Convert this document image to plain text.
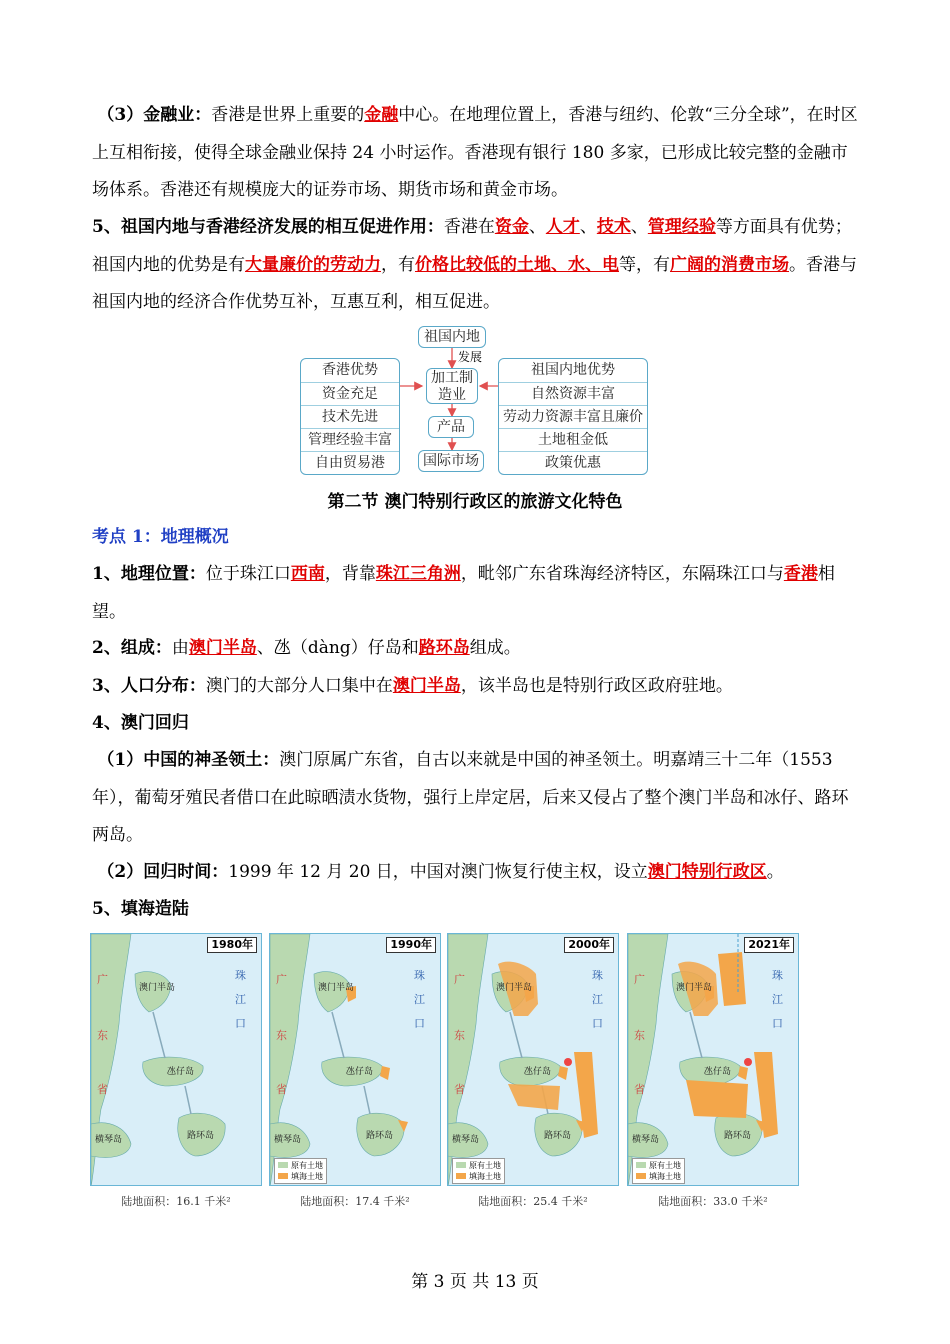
（3）金融业：香港是世界上重要的金融中心。在地理位置上，香港与纽约、伦敦“三分全球”，在时区上互相衔接，使得全球金融业保持 24 小时运作。香港现有银行 180 多家，已形成比较完整的金融市场体系。香港还有规模庞大的证券市场、期货市场和黄金市场。
5、祖国内地与香港经济发展的相互促进作用：香港在资金、人才、技术、管理经验等方面具有优势；祖国内地的优势是有大量廉价的劳动力，有价格比较低的土地、水、电等，有广阔的消费市场。香港与祖国内地的经济合作优势互补，互惠互利，相互促进。
祖国内地
发展
加工制造业
产品
国际市场
香港优势
资金充足
技术先进
管理经验丰富
自由贸易港
祖国内地优势
自然资源丰富
劳动力资源丰富且廉价
土地租金低
政策优惠
第二节 澳门特别行政区的旅游文化特色
考点 1：地理概况
1、地理位置：位于珠江口西南，背靠珠江三角洲，毗邻广东省珠海经济特区，东隔珠江口与香港相望。
2、组成：由澳门半岛、氹（dàng）仔岛和路环岛组成。
3、人口分布：澳门的大部分人口集中在澳门半岛，该半岛也是特别行政区政府驻地。
4、澳门回归
（1）中国的神圣领土：澳门原属广东省，自古以来就是中国的神圣领土。明嘉靖三十二年（1553 年），葡萄牙殖民者借口在此晾晒渍水货物，强行上岸定居，后来又侵占了整个澳门半岛和冰仔、路环两岛。
（2）回归时间：1999 年 12 月 20 日，中国对澳门恢复行使主权，设立澳门特别行政区。
5、填海造陆
1980年
澳门半岛
氹仔岛
路环岛
横琴岛
珠
江
口
广
东
省
陆地面积：16.1 千米²
1990年
澳门半岛
氹仔岛
路环岛
横琴岛
珠
江
口
广
东
省
原有土地
填海土地
陆地面积：17.4 千米²
2000年
澳门半岛
氹仔岛
路环岛
横琴岛
珠
江
口
广
东
省
原有土地
填海土地
陆地面积：25.4 千米²
2021年
澳门半岛
氹仔岛
路环岛
横琴岛
珠
江
口
广
东
省
原有土地
填海土地
陆地面积：33.0 千米²
第 3 页 共 13 页
